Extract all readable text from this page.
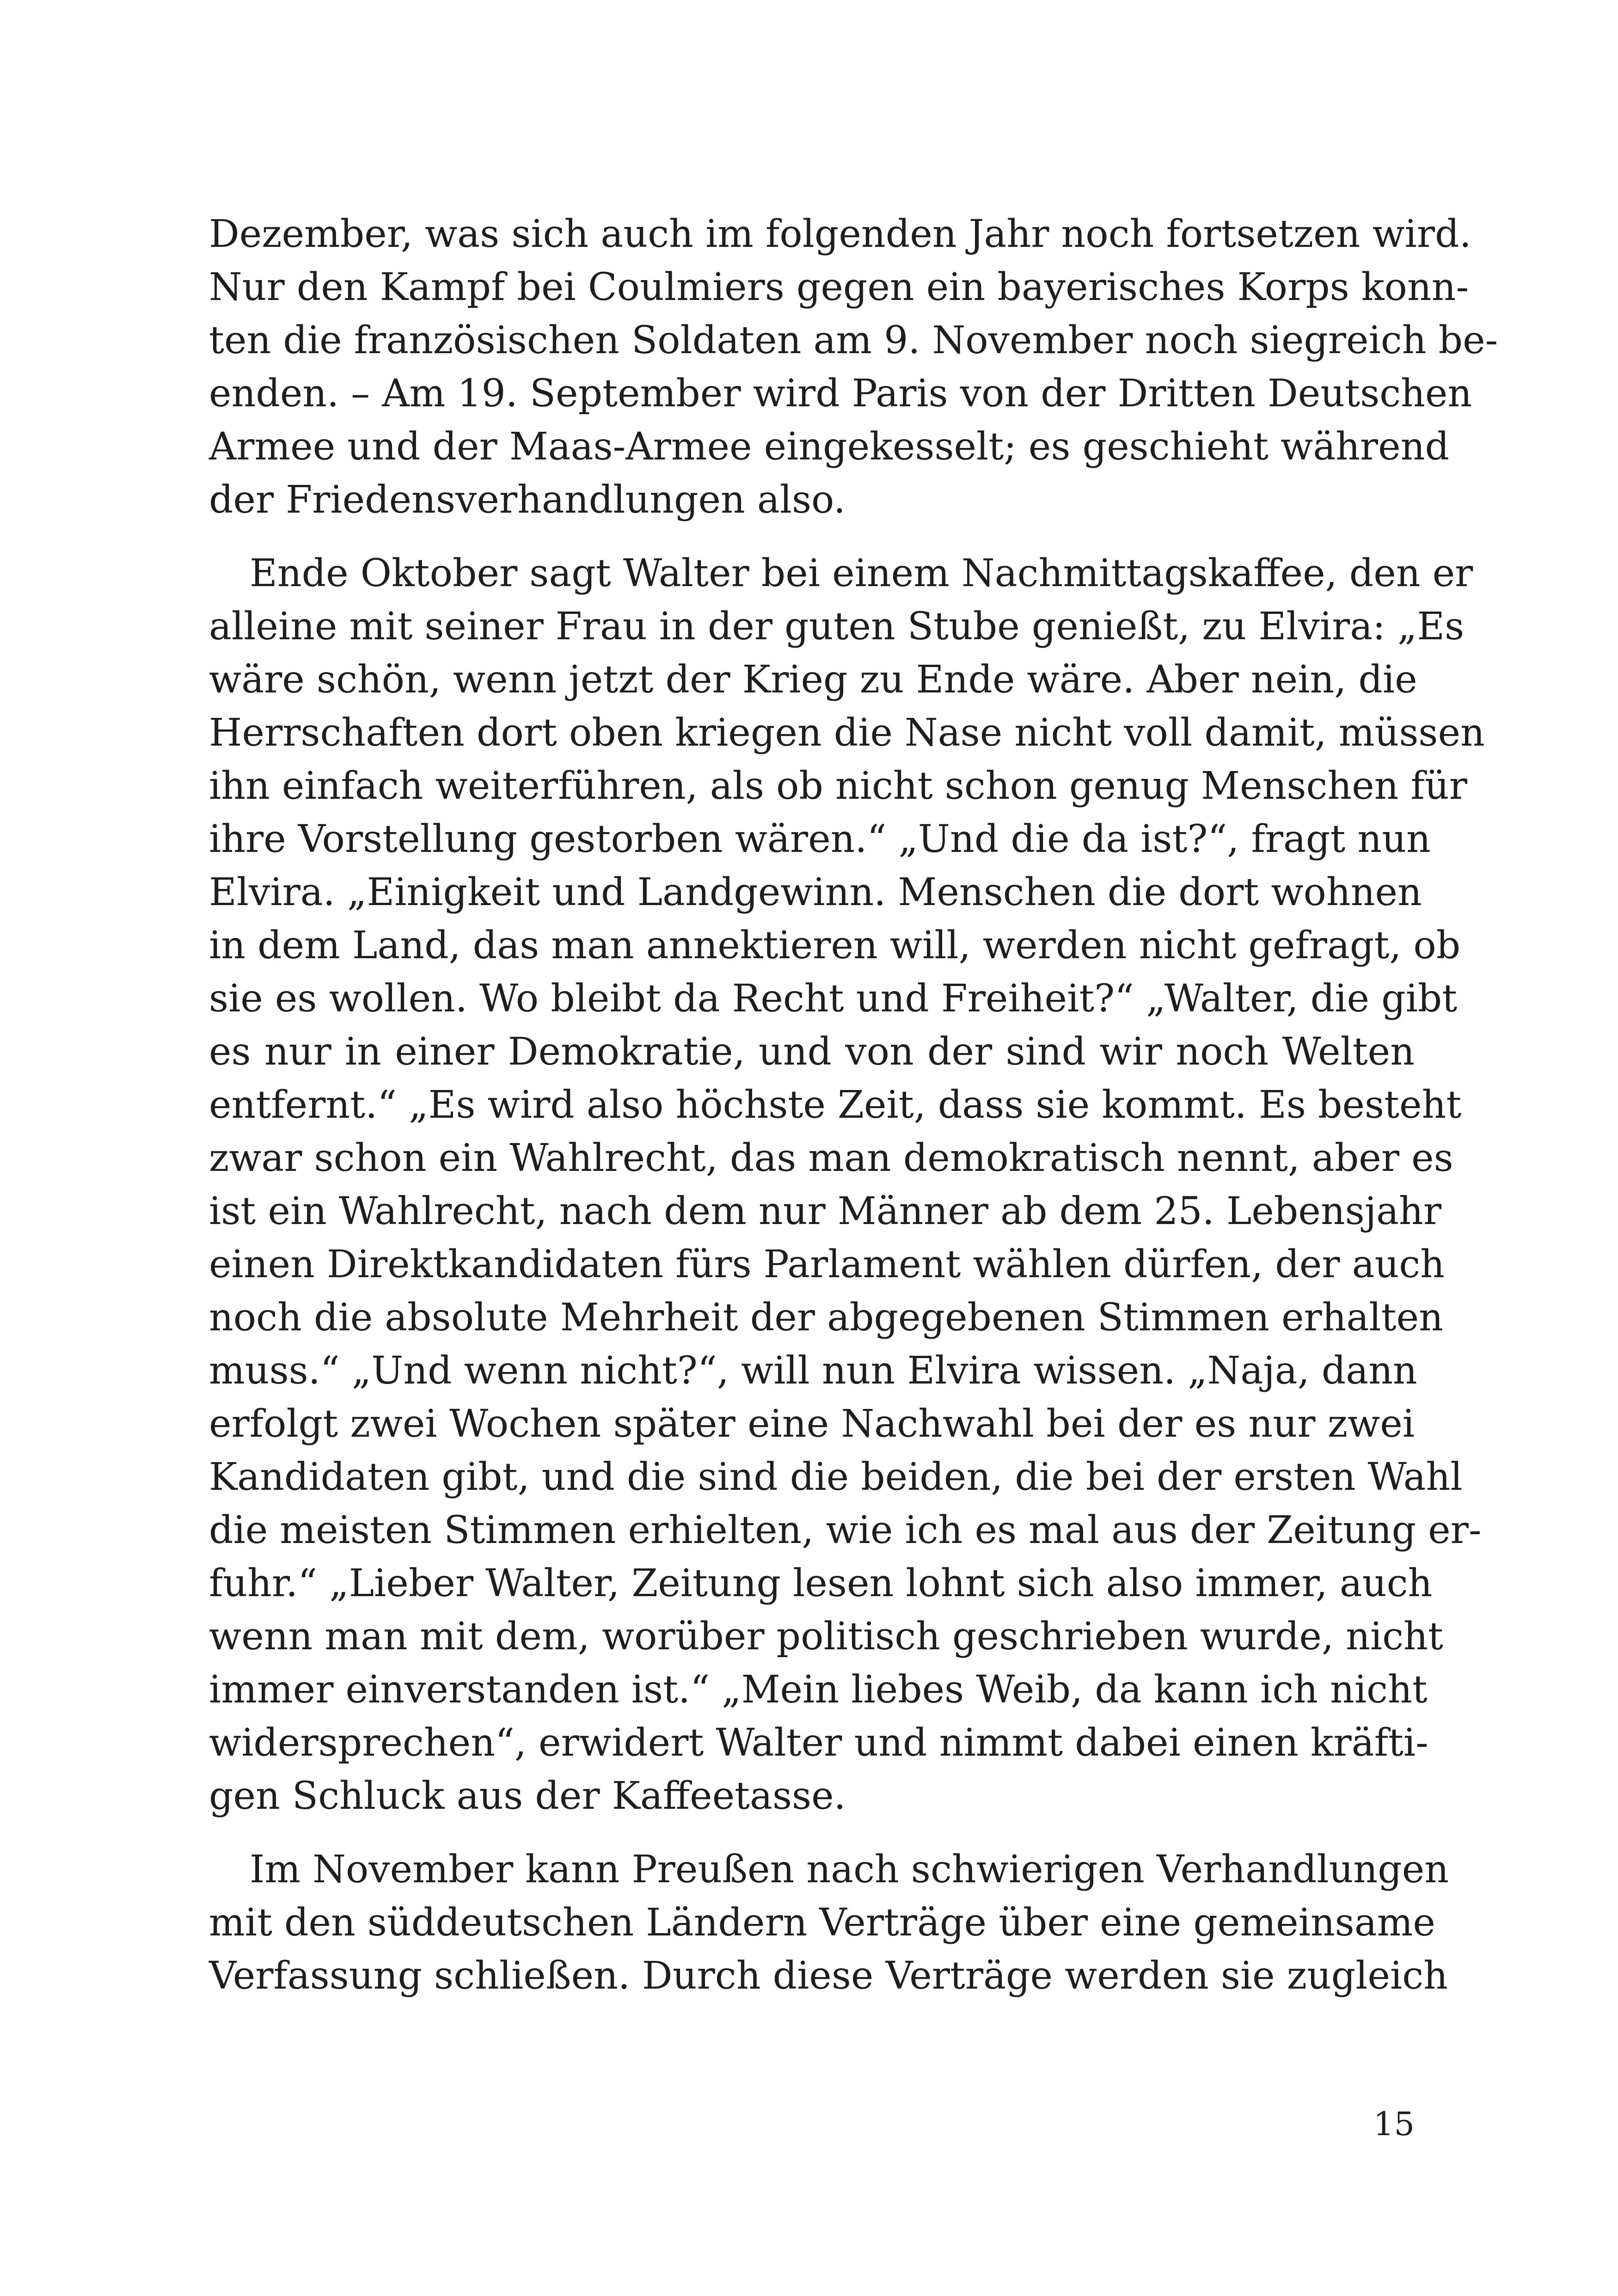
Dezember, was sich auch im folgenden Jahr noch fortsetzen wird.
Nur den Kampf bei Coulmiers gegen ein bayerisches Korps konn-
ten die französischen Soldaten am 9. November noch siegreich be-
enden. – Am 19. September wird Paris von der Dritten Deutschen
Armee und der Maas-Armee eingekesselt; es geschieht während
der Friedensverhandlungen also.
Ende Oktober sagt Walter bei einem Nachmittagskaffee, den er
alleine mit seiner Frau in der guten Stube genießt, zu Elvira: „Es
wäre schön, wenn jetzt der Krieg zu Ende wäre. Aber nein, die
Herrschaften dort oben kriegen die Nase nicht voll damit, müssen
ihn einfach weiterführen, als ob nicht schon genug Menschen für
ihre Vorstellung gestorben wären.“ „Und die da ist?“, fragt nun
Elvira. „Einigkeit und Landgewinn. Menschen die dort wohnen
in dem Land, das man annektieren will, werden nicht gefragt, ob
sie es wollen. Wo bleibt da Recht und Freiheit?“ „Walter, die gibt
es nur in einer Demokratie, und von der sind wir noch Welten
entfernt.“ „Es wird also höchste Zeit, dass sie kommt. Es besteht
zwar schon ein Wahlrecht, das man demokratisch nennt, aber es
ist ein Wahlrecht, nach dem nur Männer ab dem 25. Lebensjahr
einen Direktkandidaten fürs Parlament wählen dürfen, der auch
noch die absolute Mehrheit der abgegebenen Stimmen erhalten
muss.“ „Und wenn nicht?“, will nun Elvira wissen. „Naja, dann
erfolgt zwei Wochen später eine Nachwahl bei der es nur zwei
Kandidaten gibt, und die sind die beiden, die bei der ersten Wahl
die meisten Stimmen erhielten, wie ich es mal aus der Zeitung er-
fuhr.“ „Lieber Walter, Zeitung lesen lohnt sich also immer, auch
wenn man mit dem, worüber politisch geschrieben wurde, nicht
immer einverstanden ist.“ „Mein liebes Weib, da kann ich nicht
widersprechen“, erwidert Walter und nimmt dabei einen kräfti-
gen Schluck aus der Kaffeetasse.
Im November kann Preußen nach schwierigen Verhandlungen
mit den süddeutschen Ländern Verträge über eine gemeinsame
Verfassung schließen. Durch diese Verträge werden sie zugleich
15
